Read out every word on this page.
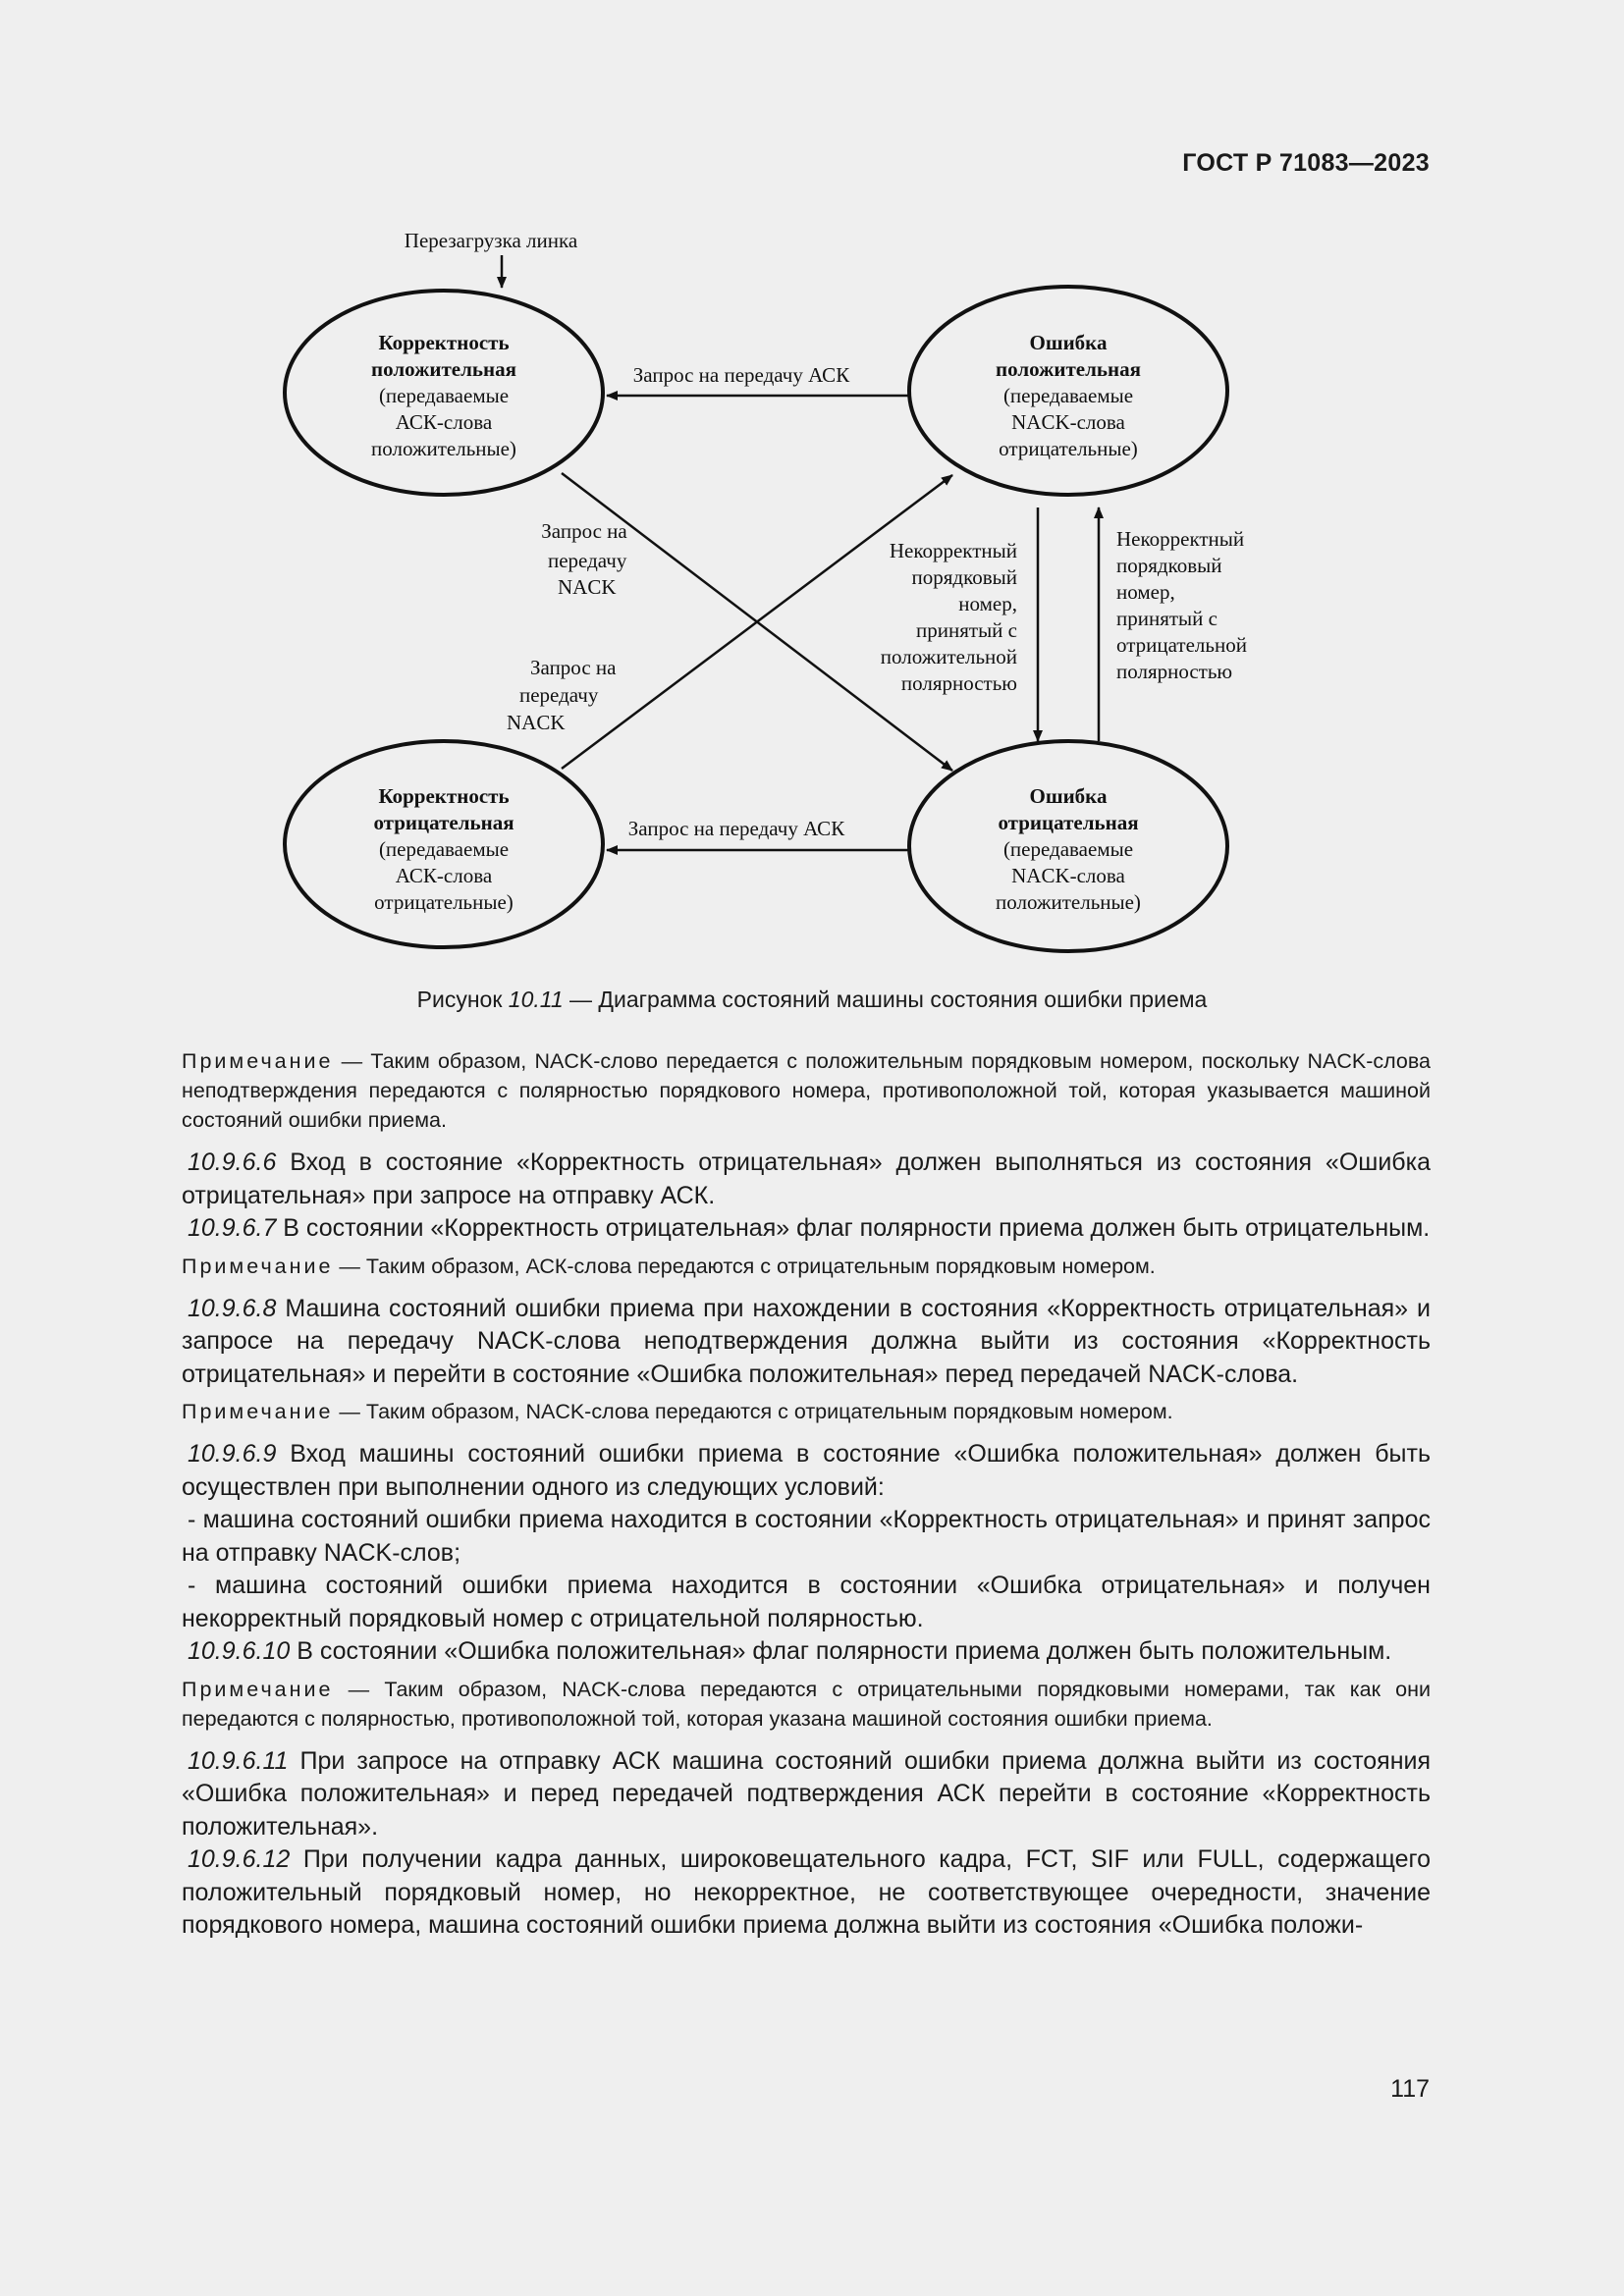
ГОСТ Р 71083—2023
Перезагрузка линка
Корректность
положительная
(передаваемые
АСК-слова
положительные)
Ошибка
положительная
(передаваемые
NACK-слова
отрицательные)
Корректность
отрицательная
(передаваемые
АСК-слова
отрицательные)
Ошибка
отрицательная
(передаваемые
NACK-слова
положительные)
Запрос на передачу АСК
Запрос на передачу АСК
Запрос на
передачу
NACK
Запрос на
передачу
NACK
Некорректный
порядковый
номер,
принятый с
положительной
полярностью
Некорректный
порядковый
номер,
принятый с
отрицательной
полярностью
Рисунок 10.11 — Диаграмма состояний машины состояния ошибки приема
Примечание — Таким образом, NACK-слово передается с положительным порядковым номером, поскольку NACK-слова неподтверждения передаются с полярностью порядкового номера, противоположной той, которая указывается машиной состояний ошибки приема.
10.9.6.6 Вход в состояние «Корректность отрицательная» должен выполняться из состояния «Ошибка отрицательная» при запросе на отправку АСК.
10.9.6.7 В состоянии «Корректность отрицательная» флаг полярности приема должен быть отрицательным.
Примечание — Таким образом, АСК-слова передаются с отрицательным порядковым номером.
10.9.6.8 Машина состояний ошибки приема при нахождении в состояния «Корректность отрицательная» и запросе на передачу NACK-слова неподтверждения должна выйти из состояния «Корректность отрицательная» и перейти в состояние «Ошибка положительная» перед передачей NACK-слова.
Примечание — Таким образом, NACK-слова передаются с отрицательным порядковым номером.
10.9.6.9 Вход машины состояний ошибки приема в состояние «Ошибка положительная» должен быть осуществлен при выполнении одного из следующих условий:
- машина состояний ошибки приема находится в состоянии «Корректность отрицательная» и принят запрос на отправку NACK-слов;
- машина состояний ошибки приема находится в состоянии «Ошибка отрицательная» и получен некорректный порядковый номер с отрицательной полярностью.
10.9.6.10 В состоянии «Ошибка положительная» флаг полярности приема должен быть положительным.
Примечание — Таким образом, NACK-слова передаются с отрицательными порядковыми номерами, так как они передаются с полярностью, противоположной той, которая указана машиной состояния ошибки приема.
10.9.6.11 При запросе на отправку АСК машина состояний ошибки приема должна выйти из состояния «Ошибка положительная» и перед передачей подтверждения АСК перейти в состояние «Корректность положительная».
10.9.6.12 При получении кадра данных, широковещательного кадра, FCT, SIF или FULL, содержащего положительный порядковый номер, но некорректное, не соответствующее очередности, значение порядкового номера, машина состояний ошибки приема должна выйти из состояния «Ошибка положи-
117
